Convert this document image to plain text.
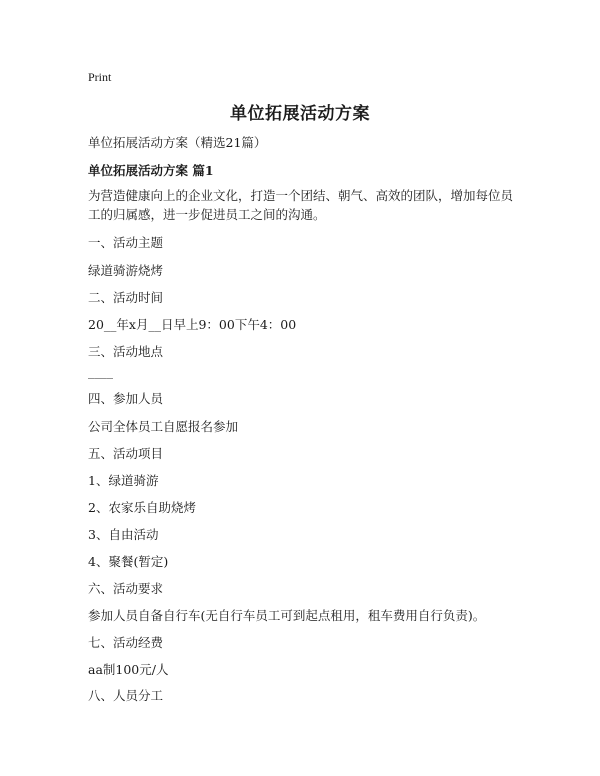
Print
单位拓展活动方案
单位拓展活动方案（精选21篇）
单位拓展活动方案 篇1
为营造健康向上的企业文化，打造一个团结、朝气、高效的团队，增加每位员工的归属感，进一步促进员工之间的沟通。
一、活动主题
绿道骑游烧烤
二、活动时间
20__年x月__日早上9：00下午4：00
三、活动地点
____
四、参加人员
公司全体员工自愿报名参加
五、活动项目
1、绿道骑游
2、农家乐自助烧烤
3、自由活动
4、聚餐(暂定)
六、活动要求
参加人员自备自行车(无自行车员工可到起点租用，租车费用自行负责)。
七、活动经费
aa制100元/人
八、人员分工
